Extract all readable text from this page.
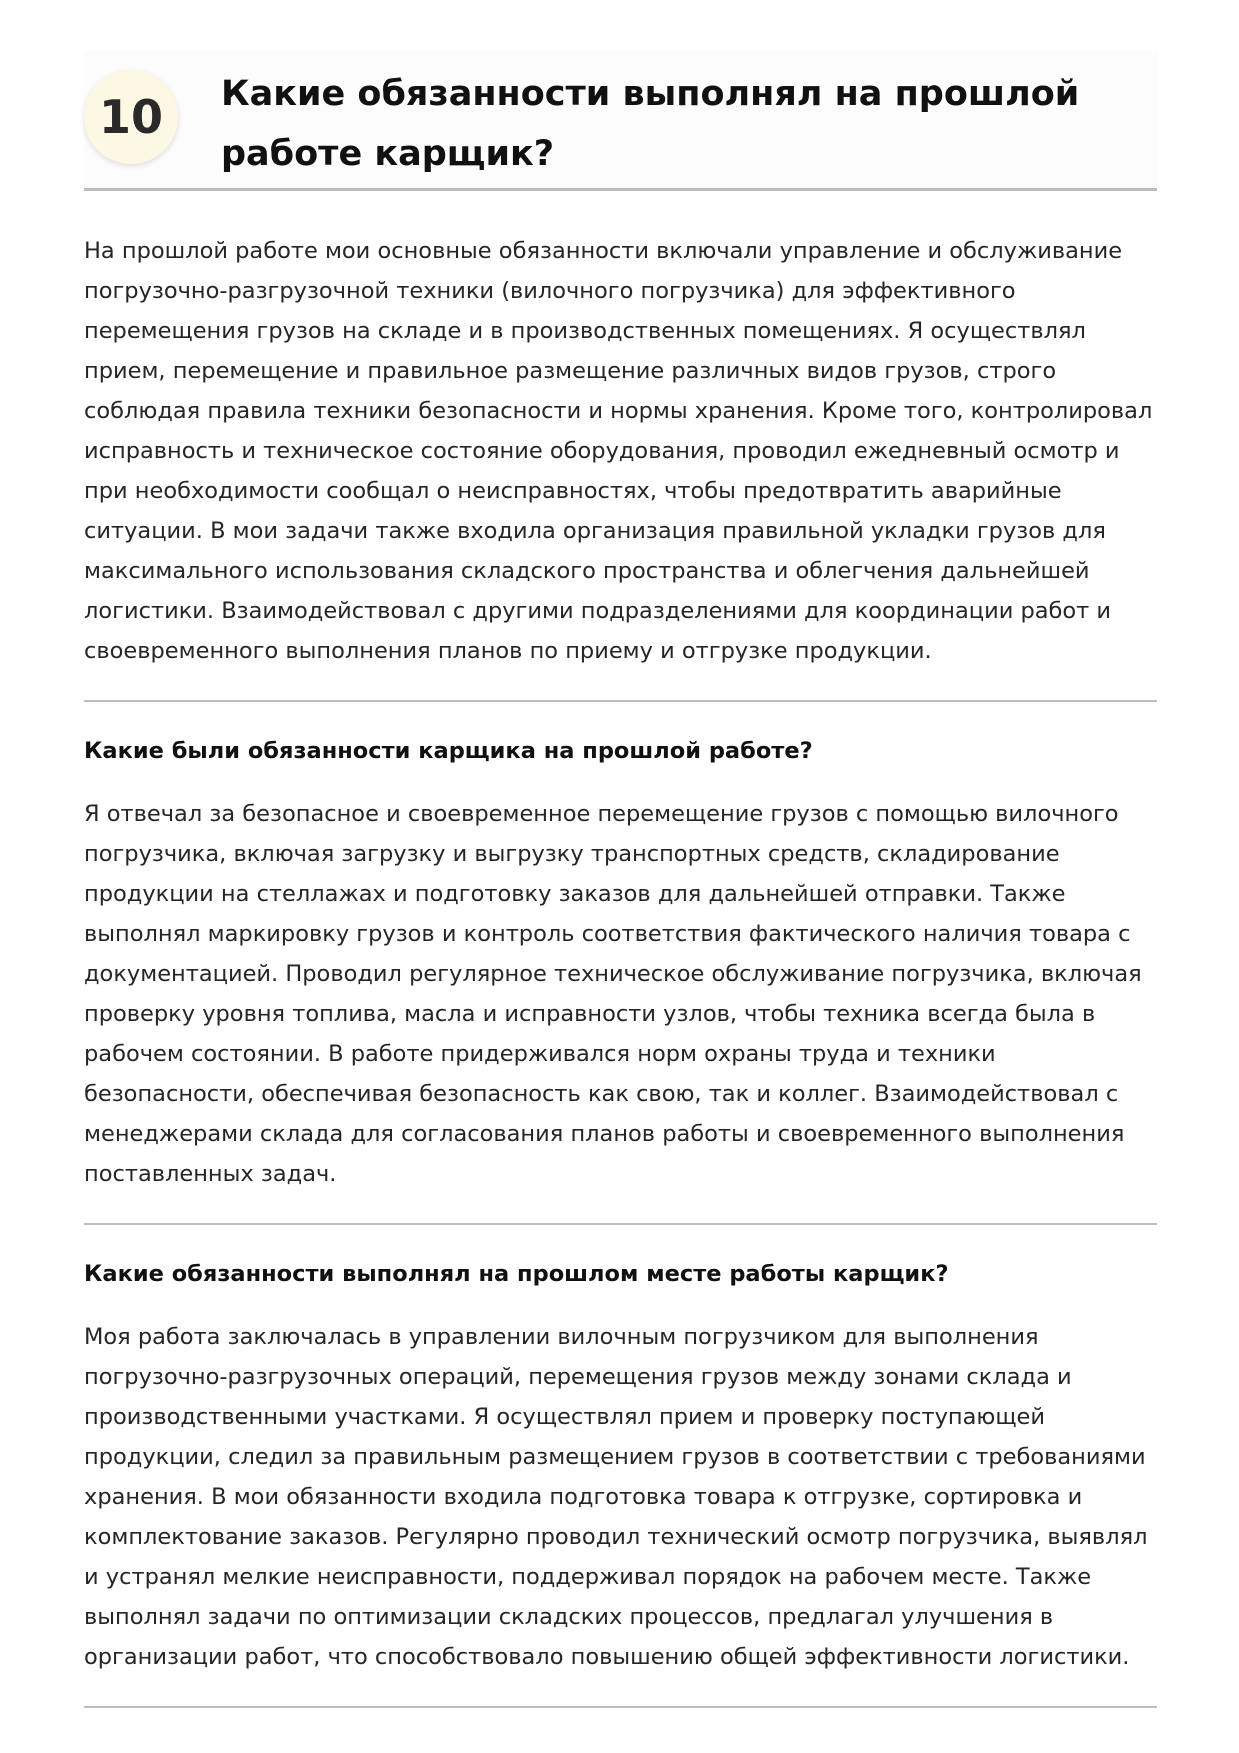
10	Какие обязанности выполнял на прошлой работе карщик?

На прошлой работе мои основные обязанности включали управление и обслуживание погрузочно-разгрузочной техники (вилочного погрузчика) для эффективного перемещения грузов на складе и в производственных помещениях. Я осуществлял прием, перемещение и правильное размещение различных видов грузов, строго соблюдая правила техники безопасности и нормы хранения. Кроме того, контролировал исправность и техническое состояние оборудования, проводил ежедневный осмотр и при необходимости сообщал о неисправностях, чтобы предотвратить аварийные ситуации. В мои задачи также входила организация правильной укладки грузов для максимального использования складского пространства и облегчения дальнейшей логистики. Взаимодействовал с другими подразделениями для координации работ и своевременного выполнения планов по приему и отгрузке продукции.

Какие были обязанности карщика на прошлой работе?

Я отвечал за безопасное и своевременное перемещение грузов с помощью вилочного погрузчика, включая загрузку и выгрузку транспортных средств, складирование продукции на стеллажах и подготовку заказов для дальнейшей отправки. Также выполнял маркировку грузов и контроль соответствия фактического наличия товара с документацией. Проводил регулярное техническое обслуживание погрузчика, включая проверку уровня топлива, масла и исправности узлов, чтобы техника всегда была в рабочем состоянии. В работе придерживался норм охраны труда и техники безопасности, обеспечивая безопасность как свою, так и коллег. Взаимодействовал с менеджерами склада для согласования планов работы и своевременного выполнения поставленных задач.

Какие обязанности выполнял на прошлом месте работы карщик?

Моя работа заключалась в управлении вилочным погрузчиком для выполнения погрузочно-разгрузочных операций, перемещения грузов между зонами склада и производственными участками. Я осуществлял прием и проверку поступающей продукции, следил за правильным размещением грузов в соответствии с требованиями хранения. В мои обязанности входила подготовка товара к отгрузке, сортировка и комплектование заказов. Регулярно проводил технический осмотр погрузчика, выявлял и устранял мелкие неисправности, поддерживал порядок на рабочем месте. Также выполнял задачи по оптимизации складских процессов, предлагал улучшения в организации работ, что способствовало повышению общей эффективности логистики.
